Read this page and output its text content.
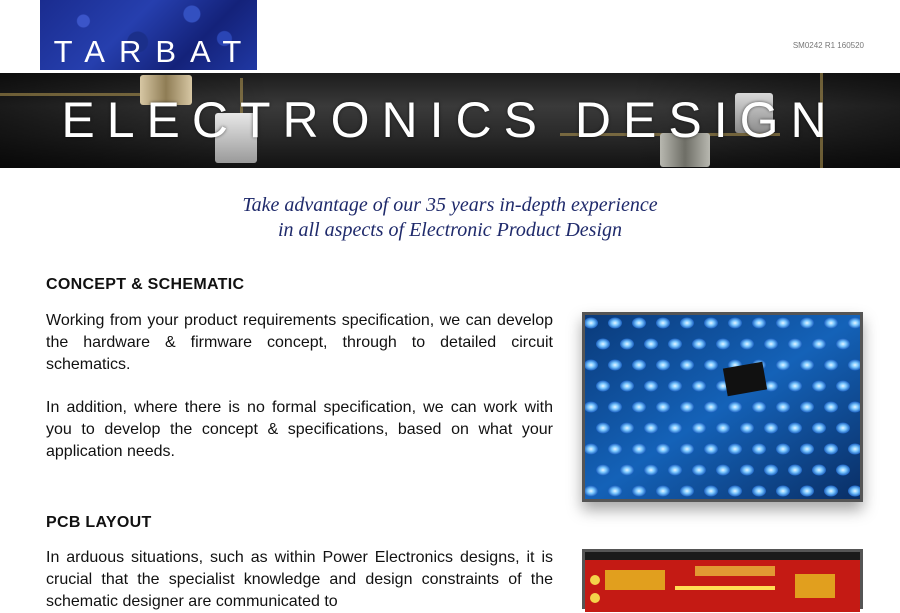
TARBAT	SM0242 R1 160520
ELECTRONICS DESIGN
Take advantage of our 35 years in-depth experience
in all aspects of Electronic Product Design
CONCEPT & SCHEMATIC
Working from your product requirements specification, we can develop the hardware & firmware concept, through to detailed circuit schematics.
In addition, where there is no formal specification, we can work with you to develop the concept & specifications, based on what your application needs.
PCB LAYOUT
In arduous situations, such as within Power Electronics designs, it is crucial that the specialist knowledge and design constraints of the schematic designer are communicated to
